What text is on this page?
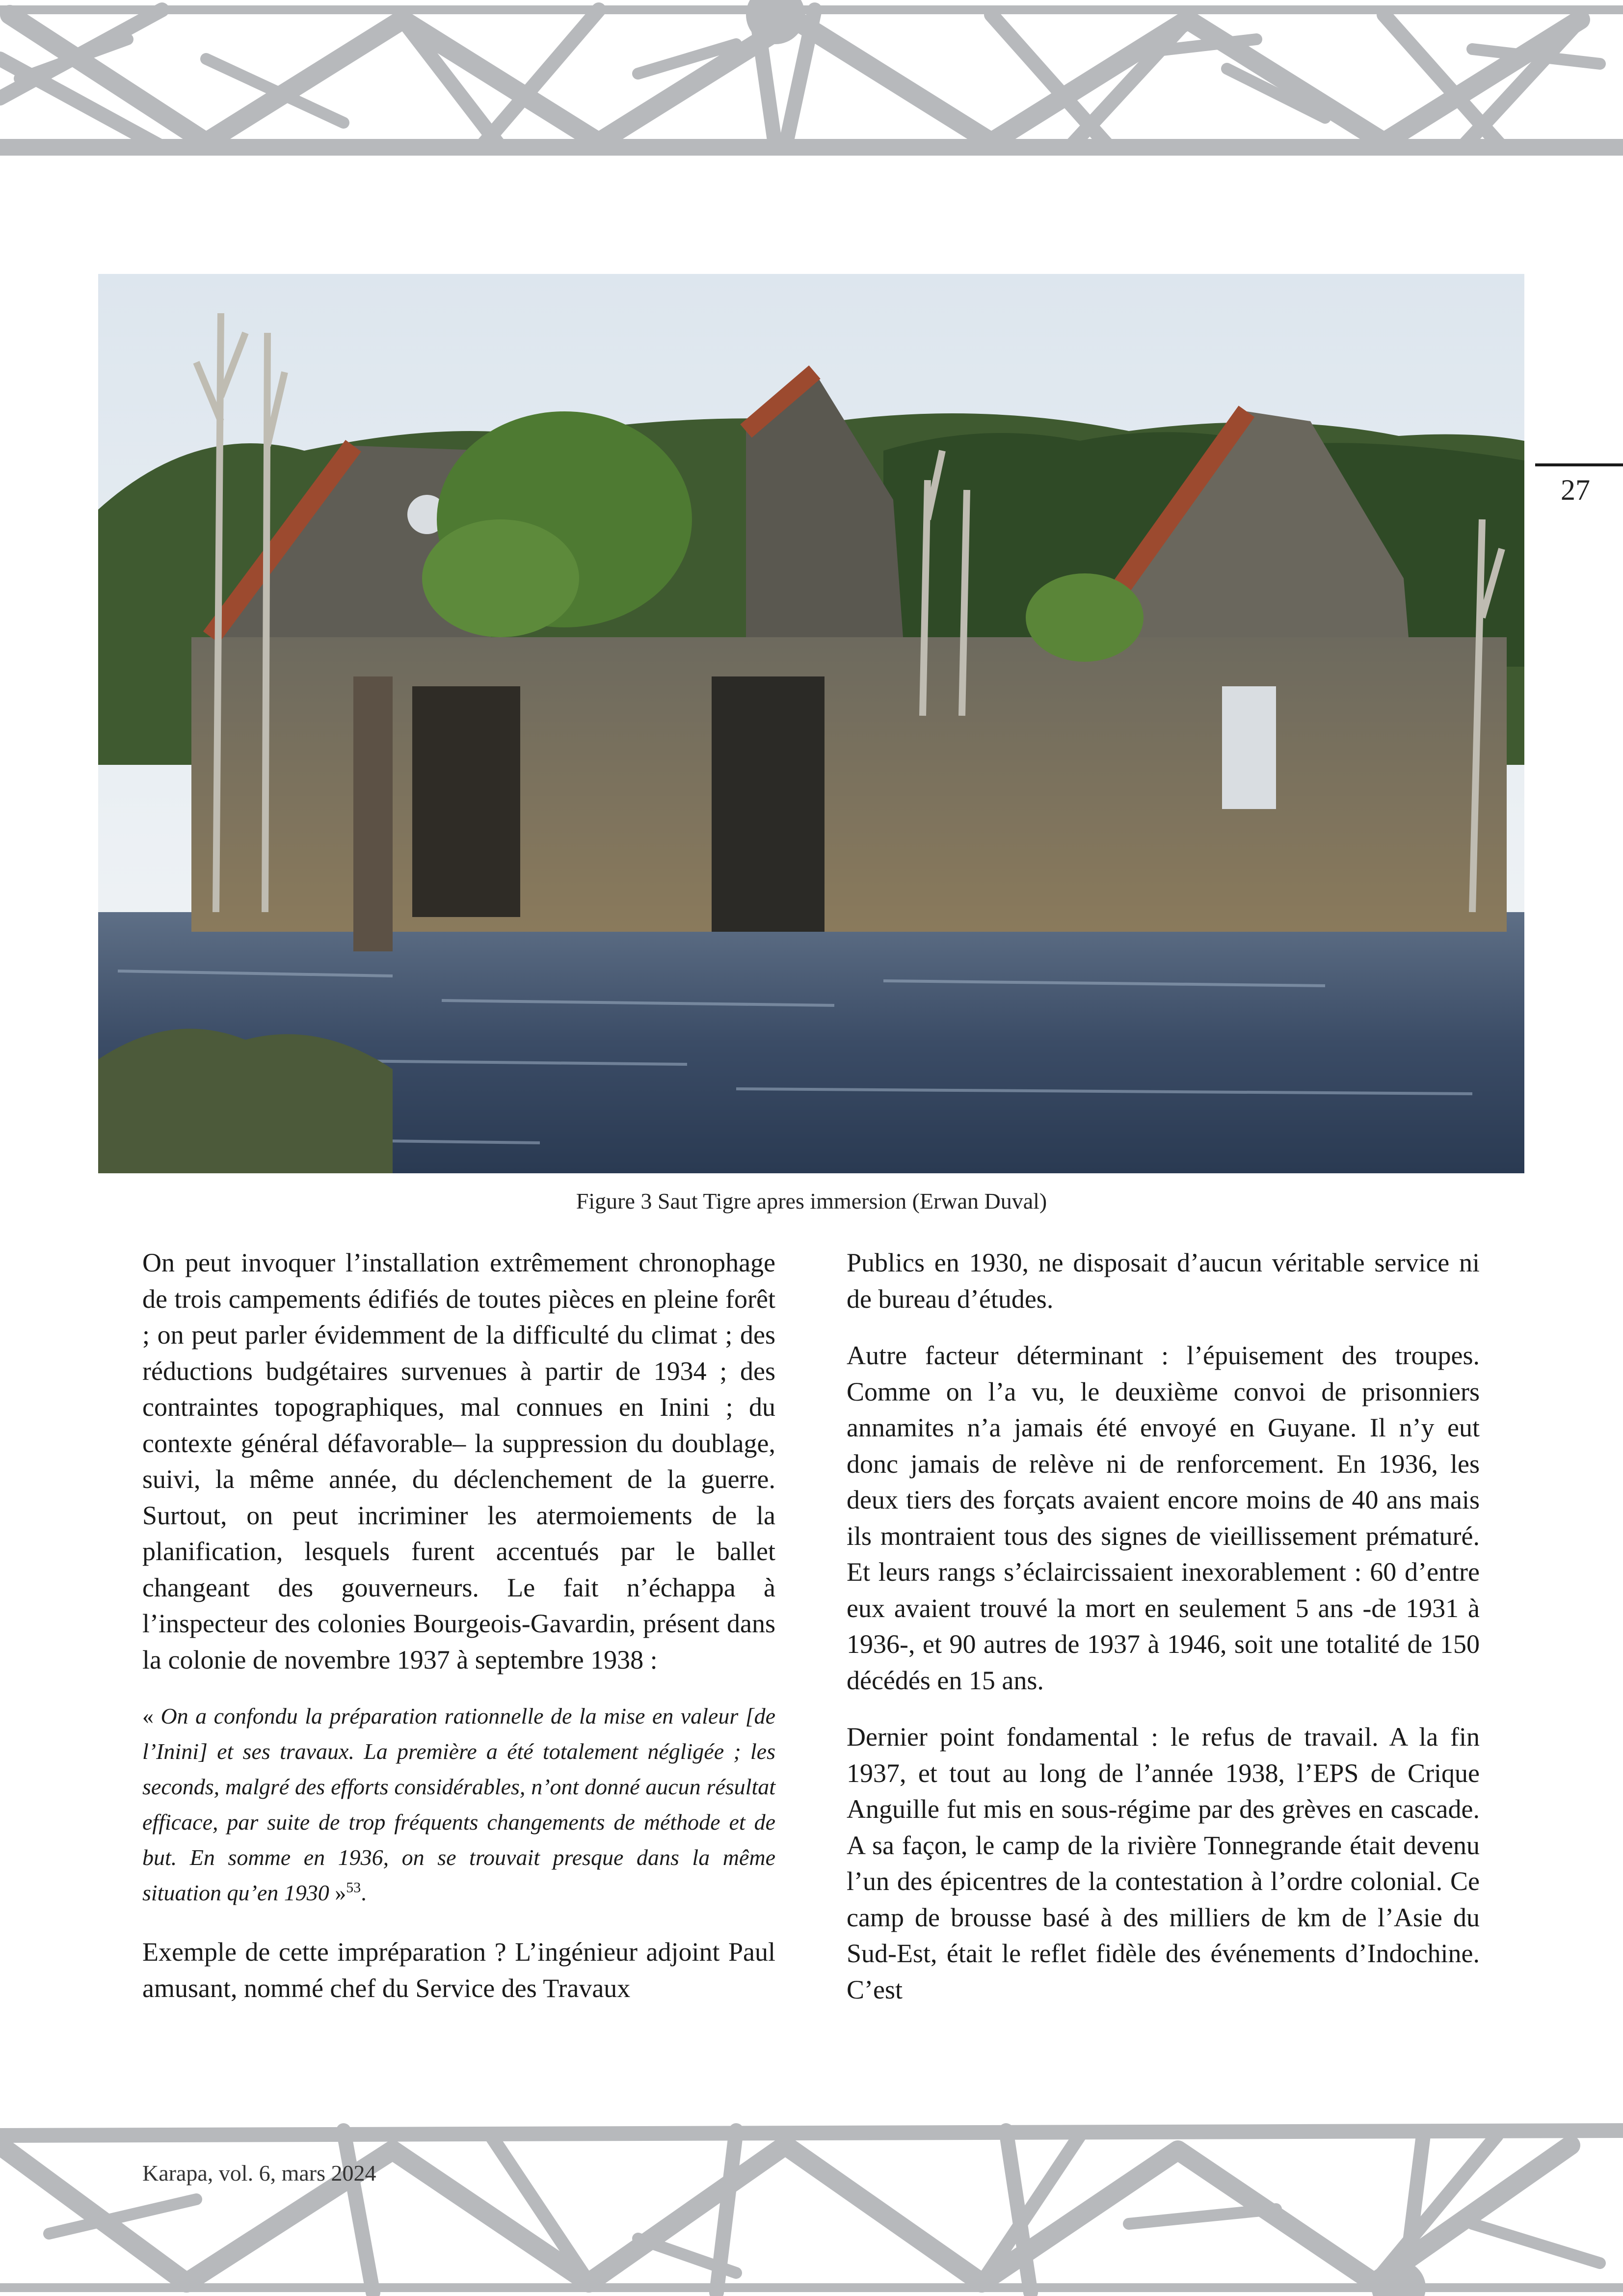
27
Figure 3 Saut Tigre apres immersion (Erwan Duval)

On peut invoquer l’installation extrêmement chronophage de trois campements édifiés de toutes pièces en pleine forêt ; on peut parler évidemment de la difficulté du climat ; des réductions budgétaires survenues à partir de 1934 ; des contraintes topographiques, mal connues en Inini ; du contexte général défavorable– la suppression du doublage, suivi, la même année, du déclenchement de la guerre. Surtout, on peut incriminer les atermoiements de la planification, lesquels furent accentués par le ballet changeant des gouverneurs. Le fait n’échappa à l’inspecteur des colonies Bourgeois-Gavardin, présent dans la colonie de novembre 1937 à septembre 1938 :

« On a confondu la préparation rationnelle de la mise en valeur [de l’Inini] et ses travaux. La première a été totalement négligée ; les seconds, malgré des efforts considérables, n’ont donné aucun résultat efficace, par suite de trop fréquents changements de méthode et de but. En somme en 1936, on se trouvait presque dans la même situation qu’en 1930 »$^{53}$.

Exemple de cette impréparation ? L’ingénieur adjoint Paul amusant, nommé chef du Service des Travaux

Publics en 1930, ne disposait d’aucun véritable service ni de bureau d’études.

Autre facteur déterminant : l’épuisement des troupes. Comme on l’a vu, le deuxième convoi de prisonniers annamites n’a jamais été envoyé en Guyane. Il n’y eut donc jamais de relève ni de renforcement. En 1936, les deux tiers des forçats avaient encore moins de 40 ans mais ils montraient tous des signes de vieillissement prématuré. Et leurs rangs s’éclaircissaient inexorablement : 60 d’entre eux avaient trouvé la mort en seulement 5 ans -de 1931 à 1936-, et 90 autres de 1937 à 1946, soit une totalité de 150 décédés en 15 ans.

Dernier point fondamental : le refus de travail. A la fin 1937, et tout au long de l’année 1938, l’EPS de Crique Anguille fut mis en sous-régime par des grèves en cascade. A sa façon, le camp de la rivière Tonnegrande était devenu l’un des épicentres de la contestation à l’ordre colonial. Ce camp de brousse basé à des milliers de km de l’Asie du Sud-Est, était le reflet fidèle des événements d’Indochine. C’est

Karapa, vol. 6, mars 2024
